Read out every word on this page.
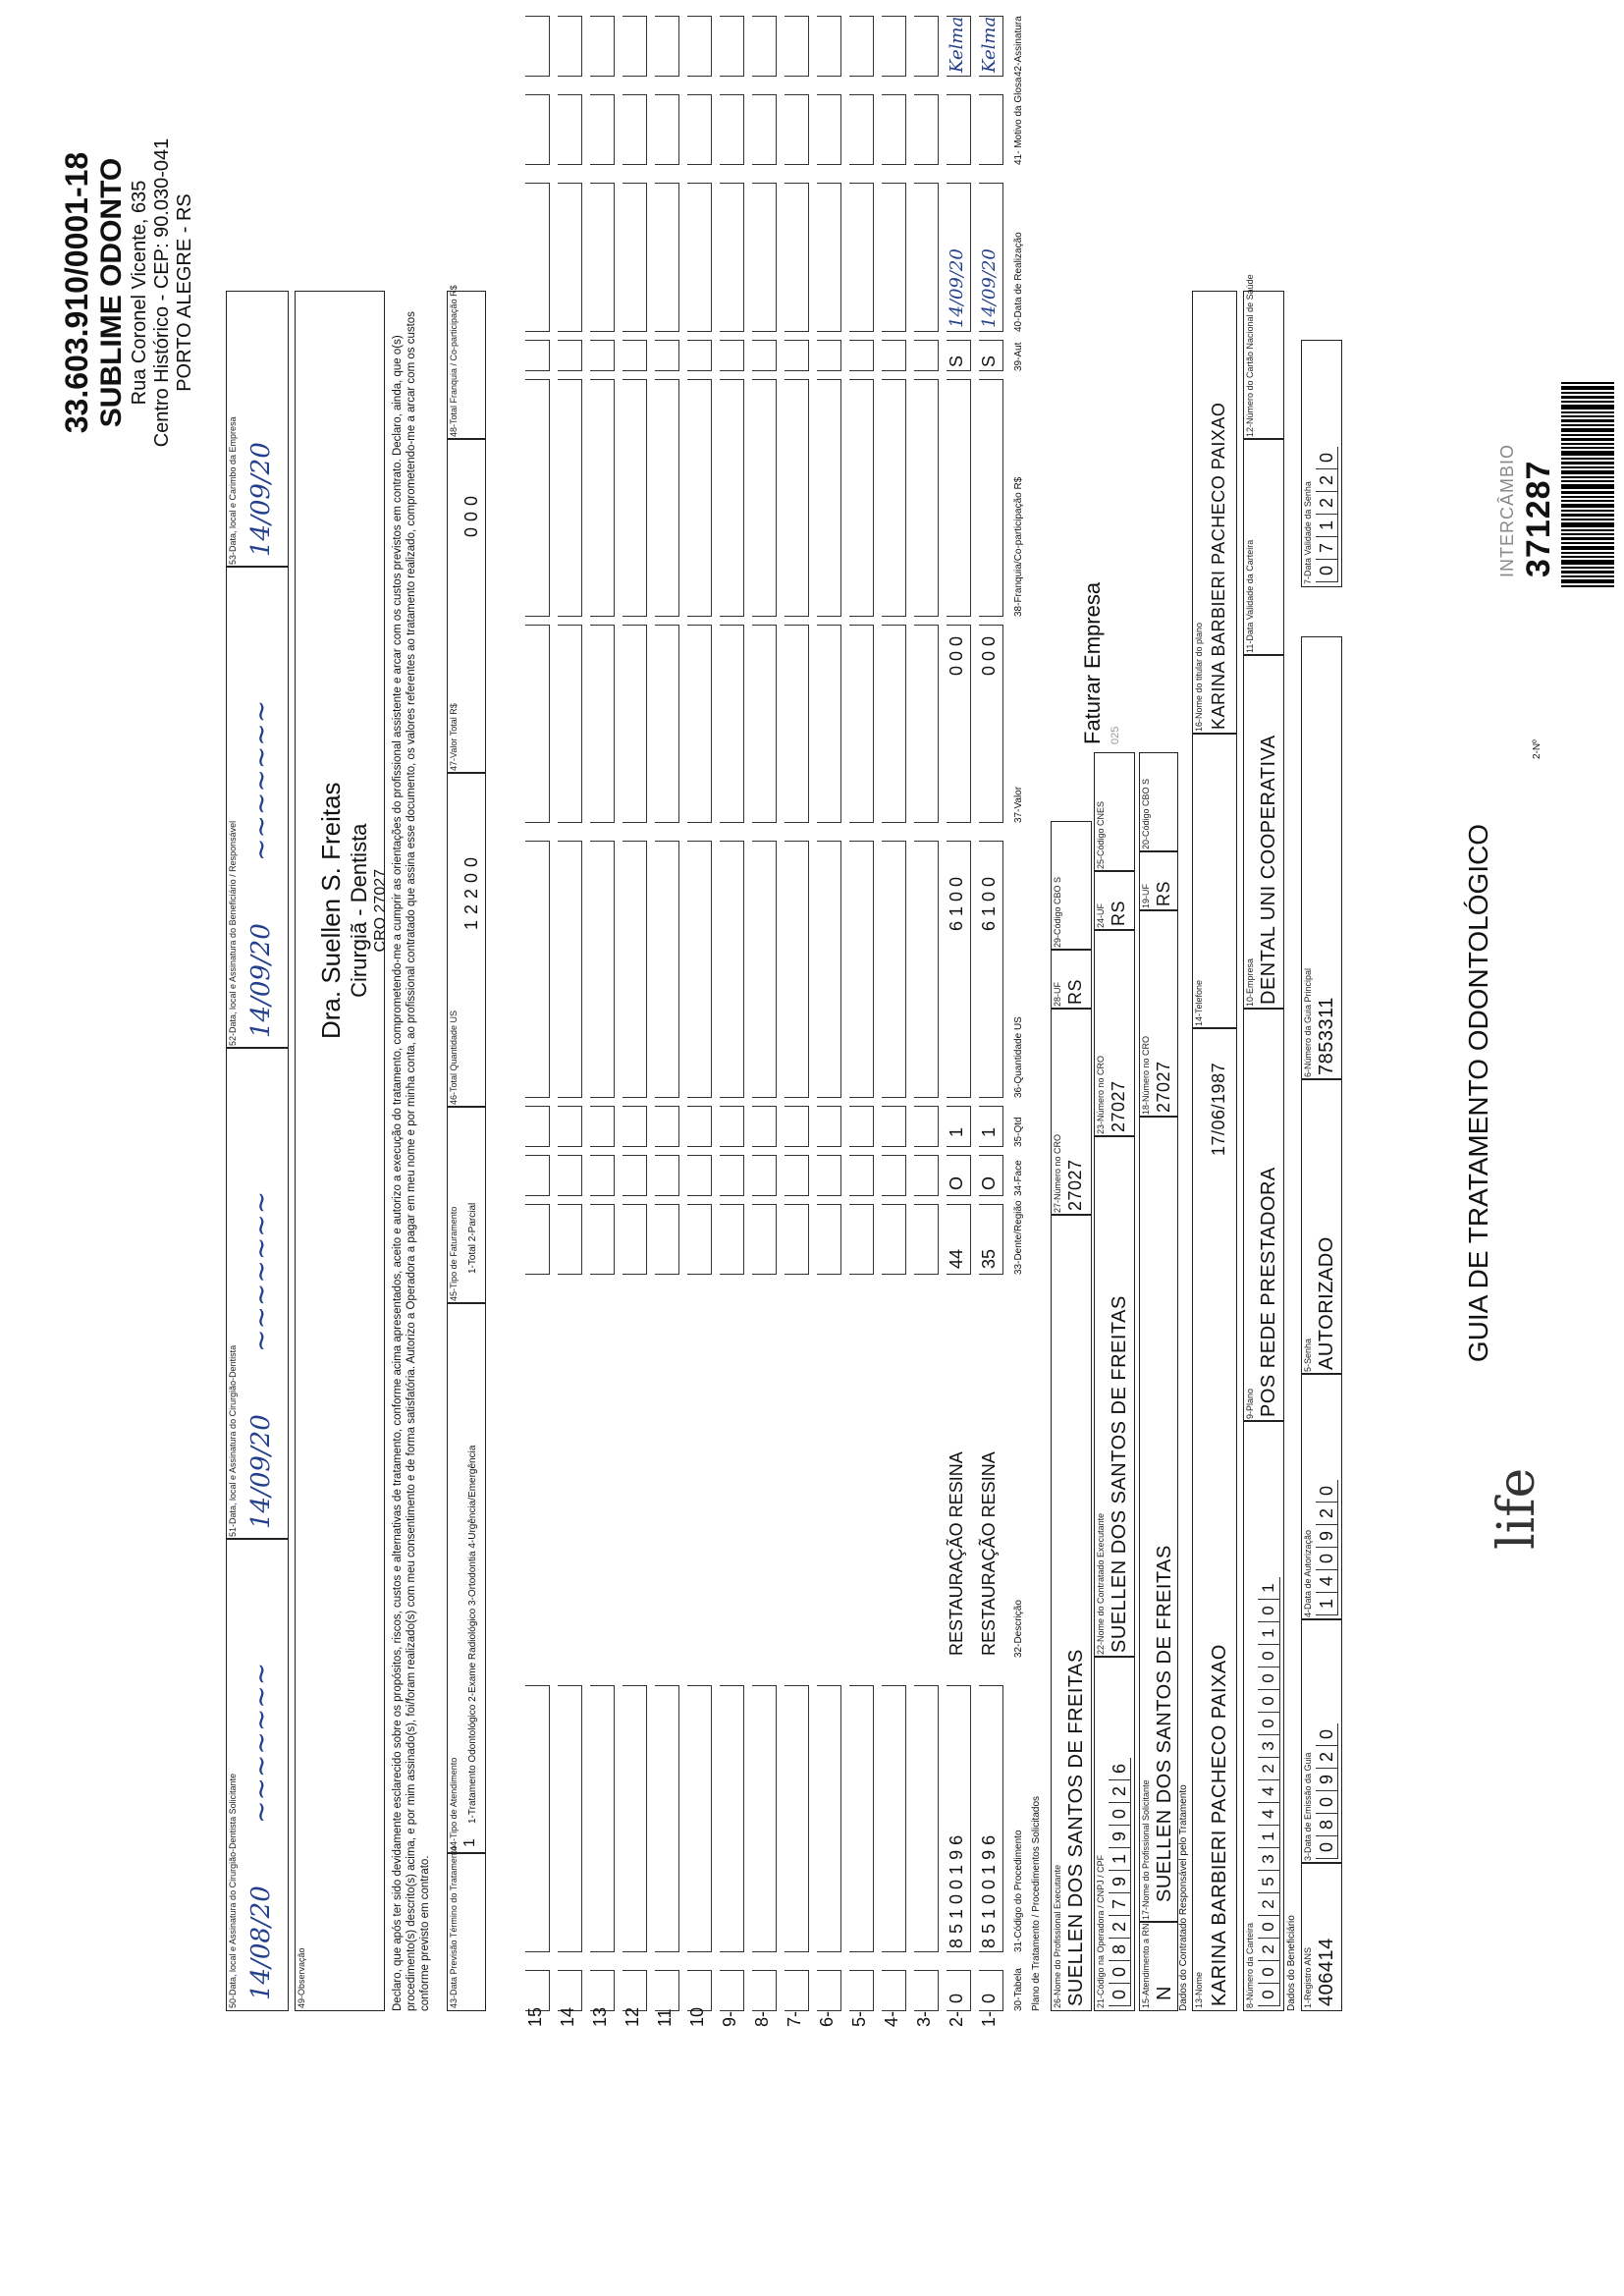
life
GUIA DE TRATAMENTO ODONTOLÓGICO
2-Nº
371287
INTERCÂMBIO
1-Registro ANS 406414
3-Data de Emissão da Guia 0
8
0
9
2
0
4-Data de Autorização 1
4
0
9
2
0
5-Senha AUTORIZADO
6-Número da Guia Principal 7853311
7-Data Validade da Senha 0
7
1
2
2
0
Dados do Beneficiário
8-Número da Carteira 0
0
2
0
2
5
3
1
4
4
2
3
0
0
0
0
1
0
1
9-Plano POS REDE PRESTADORA
10-Empresa DENTAL UNI COOPERATIVA
11-Data Validade da Carteira
12-Número do Cartão Nacional de Saúde
13-Nome KARINA BARBIERI PACHECO PAIXAO
17/06/1987
14-Telefone
16-Nome do titular do plano KARINA BARBIERI PACHECO PAIXAO
Dados do Contratado Responsável pelo Tratamento
15-Atendimento a RN N
17-Nome do Profissional Solicitante SUELLEN DOS SANTOS DE FREITAS
18-Número no CRO 27027
19-UF RS
20-Código CBO S
21-Código na Operadora / CNPJ / CPF 0
0
8
2
7
9
1
9
0
2
6
22-Nome do Contratado Executante SUELLEN DOS SANTOS DE FREITAS
23-Número no CRO 27027
24-UF RS
25-Código CNES
025
Faturar Empresa
26-Nome do Profissional Executante SUELLEN DOS SANTOS DE FREITAS
27-Número no CRO 27027
28-UF RS
29-Código CBO S
Plano de Tratamento / Procedimentos Solicitados
30-Tabela
31-Código do Procedimento
32-Descrição
33-Dente/Região
34-Face
35-Qtd
36-Quantidade US
37-Valor
38-Franquia/Co-participação R$
39-Aut
40-Data de Realização
41- Motivo da Glosa
42-Assinatura
1-
0
8 5 1 0 0 1 9 6
RESTAURAÇÃO RESINA
35
O
1
6 1 0 0
0 0 0
S
14/09/20
Kelma
2-
0
8 5 1 0 0 1 9 6
RESTAURAÇÃO RESINA
44
O
1
6 1 0 0
0 0 0
S
14/09/20
Kelma
3-
4-
5-
6-
7-
8-
9-
10
11
12
13
14
15
43-Data Previsão Término do Tratamento
44-Tipo de Atendimento 1
1-Tratamento Odontológico 2-Exame Radiológico 3-Ortodontia 4-Urgência/Emergência
45-Tipo de Faturamento 1-Total 2-Parcial
46-Total Quantidade US
1 2 2 0 0
47-Valor Total R$
0 0 0
48-Total Franquia / Co-participação R$
Declaro, que após ter sido devidamente esclarecido sobre os propósitos, riscos, custos e alternativas de tratamento, conforme acima apresentados, aceito e autorizo a execução do tratamento, comprometendo-me a cumprir as orientações do profissional assistente e arcar com os custos previstos em contrato. Declaro, ainda, que o(s) procedimento(s) descrito(s) acima, e por mim assinado(s), foi/foram realizado(s) com meu consentimento e de forma satisfatória. Autorizo a Operadora a pagar em meu nome e por minha conta, ao profissional contratado que assina esse documento, os valores referentes ao tratamento realizado, comprometendo-me a arcar com os custos conforme previsto em contrato.
49-Observação
50-Data, local e Assinatura do Cirurgião-Dentista Solicitante 14/08/20
~~~~~~~
51-Data, local e Assinatura do Cirurgião-Dentista 14/09/20
~~~~~~~
52-Data, local e Assinatura do Beneficiário / Responsável 14/09/20
~~~~~~~
53-Data, local e Carimbo da Empresa 14/09/20
Dra. Suellen S. Freitas Cirurgiã - Dentista CRO 27027
33.603.910/0001-18 SUBLIME ODONTO Rua Coronel Vicente, 635 Centro Histórico - CEP: 90.030-041 PORTO ALEGRE - RS
